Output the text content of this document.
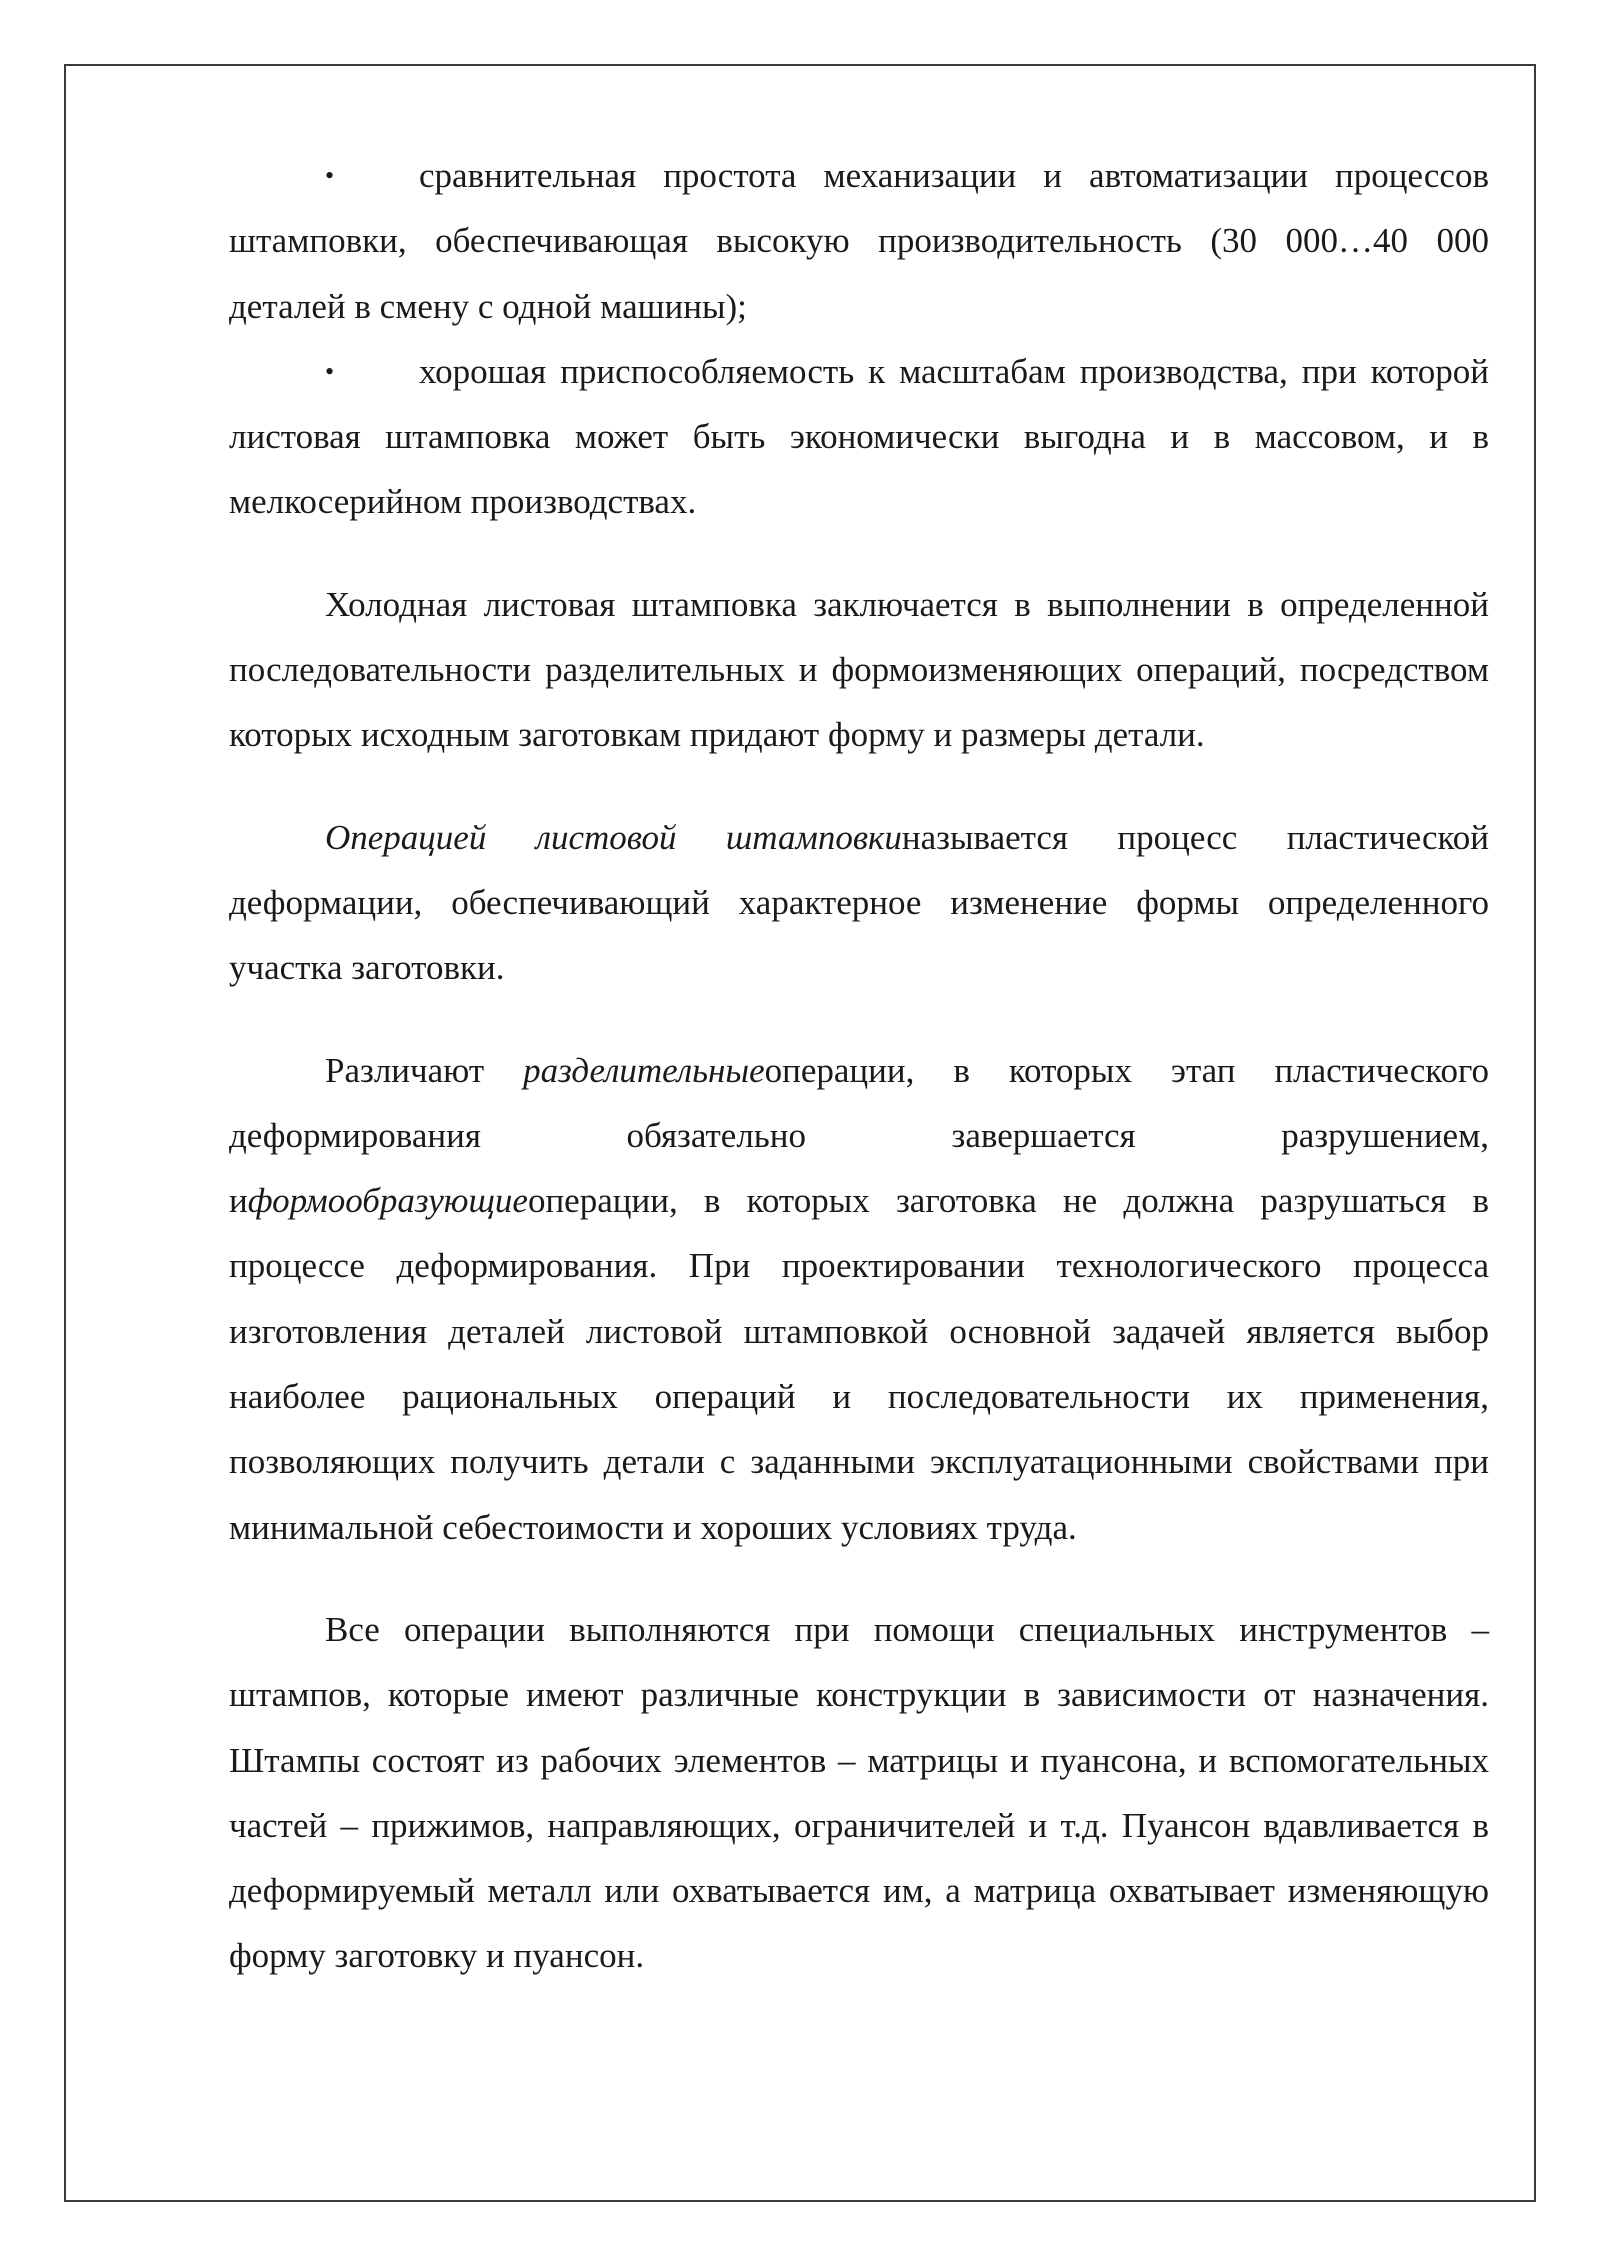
• сравнительная простота механизации и автоматизации процессов штамповки, обеспечивающая высокую производительность (30 000…40 000 деталей в смену с одной машины);

• хорошая приспособляемость к масштабам производства, при которой листовая штамповка может быть экономически выгодна и в массовом, и в мелкосерийном производствах.

Холодная листовая штамповка заключается в выполнении в определенной последовательности разделительных и формоизменяющих операций, посредством которых исходным заготовкам придают форму и размеры детали.

Операцией листовой штамповкиназывается процесс пластической деформации, обеспечивающий характерное изменение формы определенного участка заготовки.

Различают разделительныеоперации, в которых этап пластического деформирования обязательно завершается разрушением, иформообразующиеоперации, в которых заготовка не должна разрушаться в процессе деформирования. При проектировании технологического процесса изготовления деталей листовой штамповкой основной задачей является выбор наиболее рациональных операций и последовательности их применения, позволяющих получить детали с заданными эксплуатационными свойствами при минимальной себестоимости и хороших условиях труда.

Все операции выполняются при помощи специальных инструментов – штампов, которые имеют различные конструкции в зависимости от назначения. Штампы состоят из рабочих элементов – матрицы и пуансона, и вспомогательных частей – прижимов, направляющих, ограничителей и т.д. Пуансон вдавливается в деформируемый металл или охватывается им, а матрица охватывает изменяющую форму заготовку и пуансон.
